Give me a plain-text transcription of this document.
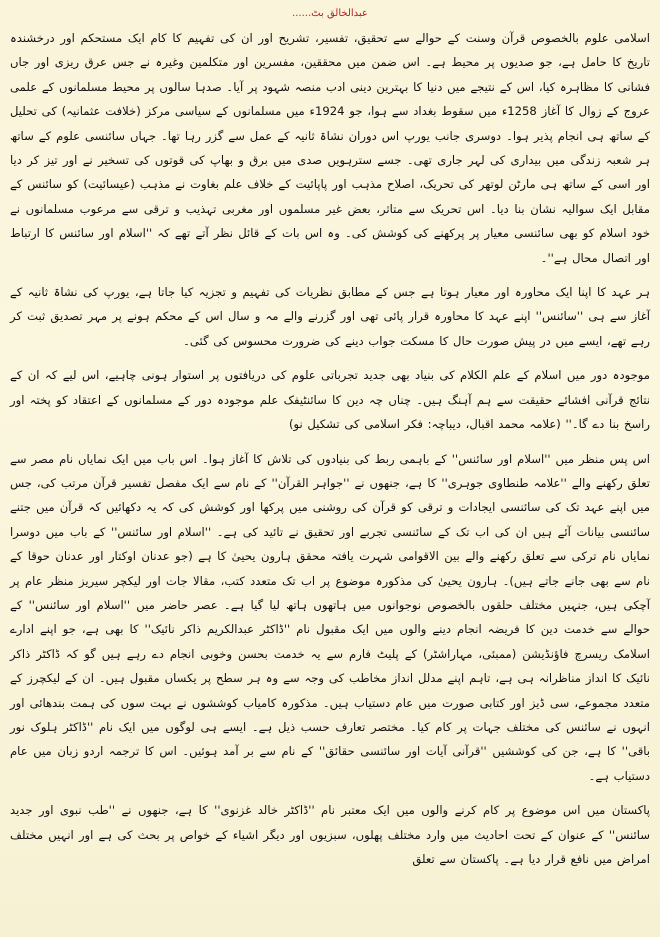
......عبدالخالق بٹ

اسلامی علوم بالخصوص قرآن وسنت کے حوالے سے تحقیق، تفسیر، تشریح اور ان کی تفہیم کا کام ایک مستحکم اور درخشندہ تاریخ کا حامل ہے، جو صدیوں پر محیط ہے۔ اس ضمن میں محققین، مفسرین اور متکلمین وغیرہ نے جس عرق ریزی اور جاں فشانی کا مظاہرہ کیا، اس کے نتیجے میں دنیا کا بہترین دینی ادب منصہ شہود پر آیا۔ صدہا سالوں پر محیط مسلمانوں کے علمی عروج کے زوال کا آغاز 1258ء میں سقوط بغداد سے ہوا، جو 1924ء میں مسلمانوں کے سیاسی مرکز (خلافت عثمانیہ) کی تحلیل کے ساتھ ہی انجام پذیر ہوا۔ دوسری جانب یورپ اس دوران نشاۃ ثانیہ کے عمل سے گزر رہا تھا۔ جہاں سائنسی علوم کے ساتھ ہر شعبہ زندگی میں بیداری کی لہر جاری تھی۔ جسے سترہویں صدی میں برق و بھاپ کی قوتوں کی تسخیر نے اور تیز کر دیا اور اسی کے ساتھ ہی مارٹن لوتھر کی تحریک، اصلاح مذہب اور پاپائیت کے خلاف علم بغاوت نے مذہب (عیسائیت) کو سائنس کے مقابل ایک سوالیہ نشان بنا دیا۔ اس تحریک سے متاثر، بعض غیر مسلموں اور مغربی تہذیب و ترقی سے مرعوب مسلمانوں نے خود اسلام کو بھی سائنسی معیار پر پرکھنے کی کوشش کی۔ وہ اس بات کے قائل نظر آتے تھے کہ ''اسلام اور سائنس کا ارتباط اور اتصال محال ہے''۔

ہر عہد کا اپنا ایک محاورہ اور معیار ہوتا ہے جس کے مطابق نظریات کی تفہیم و تجزیہ کیا جاتا ہے، یورپ کی نشاۃ ثانیہ کے آغاز سے ہی ''سائنس'' اپنے عہد کا محاورہ قرار پائی تھی اور گزرنے والے مہ و سال اس کے محکم ہونے پر مہر تصدیق ثبت کر رہے تھے، ایسے میں در پیش صورت حال کا مسکت جواب دینے کی ضرورت محسوس کی گئی۔

موجودہ دور میں اسلام کے علم الکلام کی بنیاد بھی جدید تجرباتی علوم کی دریافتوں پر استوار ہونی چاہیے، اس لیے کہ ان کے نتائج قرآنی افشائے حقیقت سے ہم آہنگ ہیں۔ چناں چہ دین کا سائنٹیفک علم موجودہ دور کے مسلمانوں کے اعتقاد کو پختہ اور راسخ بنا دے گا۔'' (علامہ محمد اقبال، دیباچہ: فکر اسلامی کی تشکیل نو)

اس پس منظر میں ''اسلام اور سائنس'' کے باہمی ربط کی بنیادوں کی تلاش کا آغاز ہوا۔ اس باب میں ایک نمایاں نام مصر سے تعلق رکھنے والے ''علامہ طنطاوی جوہری'' کا ہے، جنھوں نے ''جواہر القرآن'' کے نام سے ایک مفصل تفسیر قرآن مرتب کی، جس میں اپنے عہد تک کی سائنسی ایجادات و ترقی کو قرآن کی روشنی میں پرکھا اور کوشش کی کہ یہ دکھائیں کہ قرآن میں جتنے سائنسی بیانات آئے ہیں ان کی اب تک کے سائنسی تجربے اور تحقیق نے تائید کی ہے۔ ''اسلام اور سائنس'' کے باب میں دوسرا نمایاں نام ترکی سے تعلق رکھنے والے بین الاقوامی شہرت یافتہ محقق ہارون یحییٰ کا ہے (جو عدنان اوکتار اور عدنان حوقا کے نام سے بھی جانے جاتے ہیں)۔ ہارون یحییٰ کی مذکورہ موضوع پر اب تک متعدد کتب، مقالا جات اور لیکچر سیریز منظر عام پر آچکی ہیں، جنہیں مختلف حلقوں بالخصوص نوجوانوں میں ہاتھوں ہاتھ لیا گیا ہے۔ عصر حاضر میں ''اسلام اور سائنس'' کے حوالے سے خدمت دین کا فریضہ انجام دینے والوں میں ایک مقبول نام ''ڈاکٹر عبدالکریم ذاکر نائیک'' کا بھی ہے، جو اپنے ادارے اسلامک ریسرچ فاؤنڈیشن (ممبئی، مہاراشٹر) کے پلیٹ فارم سے یہ خدمت بحسن وخوبی انجام دے رہے ہیں گو کہ ڈاکٹر ذاکر نائیک کا انداز مناظرانہ ہی ہے، تاہم اپنے مدلل انداز مخاطب کی وجہ سے وہ ہر سطح پر یکساں مقبول ہیں۔ ان کے لیکچرز کے متعدد مجموعے، سی ڈیز اور کتابی صورت میں عام دستیاب ہیں۔ مذکورہ کامیاب کوششوں نے بہت سوں کی ہمت بندھائی اور انہوں نے سائنس کی مختلف جہات پر کام کیا۔ مختصر تعارف حسب ذیل ہے۔ ایسے ہی لوگوں میں ایک نام ''ڈاکٹر ہلوک نور باقی'' کا ہے، جن کی کوششیں ''قرآنی آیات اور سائنسی حقائق'' کے نام سے بر آمد ہوئیں۔ اس کا ترجمہ اردو زبان میں عام دستیاب ہے۔

پاکستان میں اس موضوع پر کام کرنے والوں میں ایک معتبر نام ''ڈاکٹر خالد غزنوی'' کا ہے، جنھوں نے ''طب نبوی اور جدید سائنس'' کے عنوان کے تحت احادیث میں وارد مختلف پھلوں، سبزیوں اور دیگر اشیاء کے خواص پر بحث کی ہے اور انہیں مختلف امراض میں نافع قرار دیا ہے۔ پاکستان سے تعلق
